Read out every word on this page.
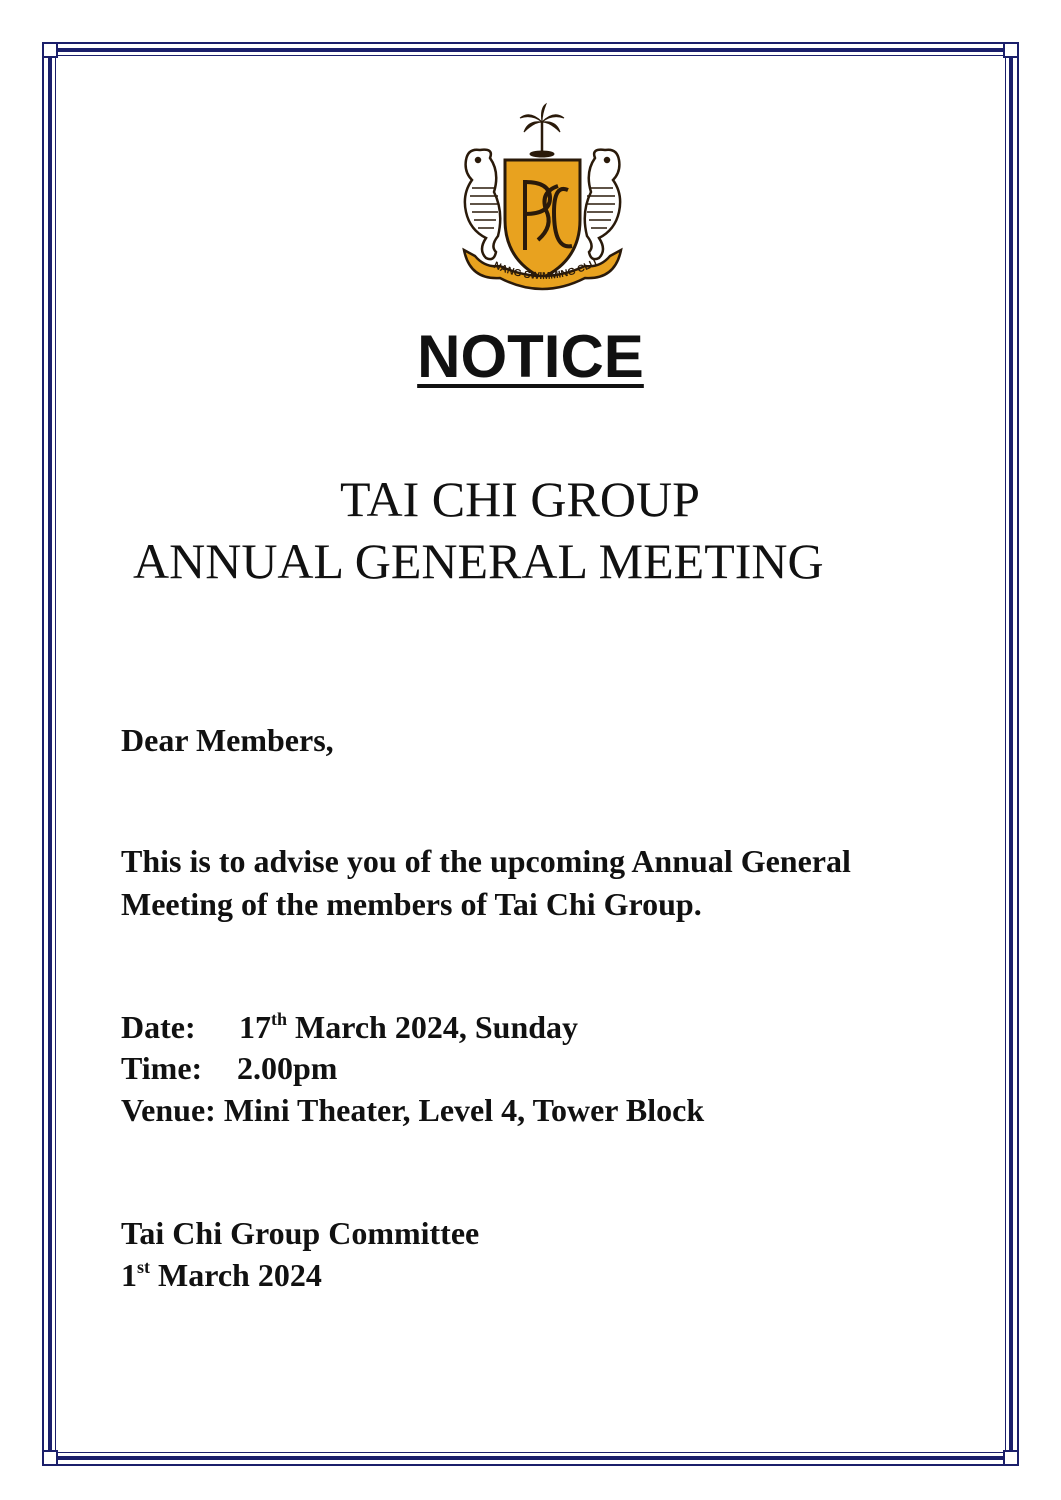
NANG SWIMMING CLU
NOTICE
TAI CHI GROUP
ANNUAL GENERAL MEETING
Dear Members,
This is to advise you of the upcoming Annual General
Meeting of the members of Tai Chi Group.
Date: 17th March 2024, Sunday
Time: 2.00pm
Venue: Mini Theater, Level 4, Tower Block
Tai Chi Group Committee
1st March 2024
